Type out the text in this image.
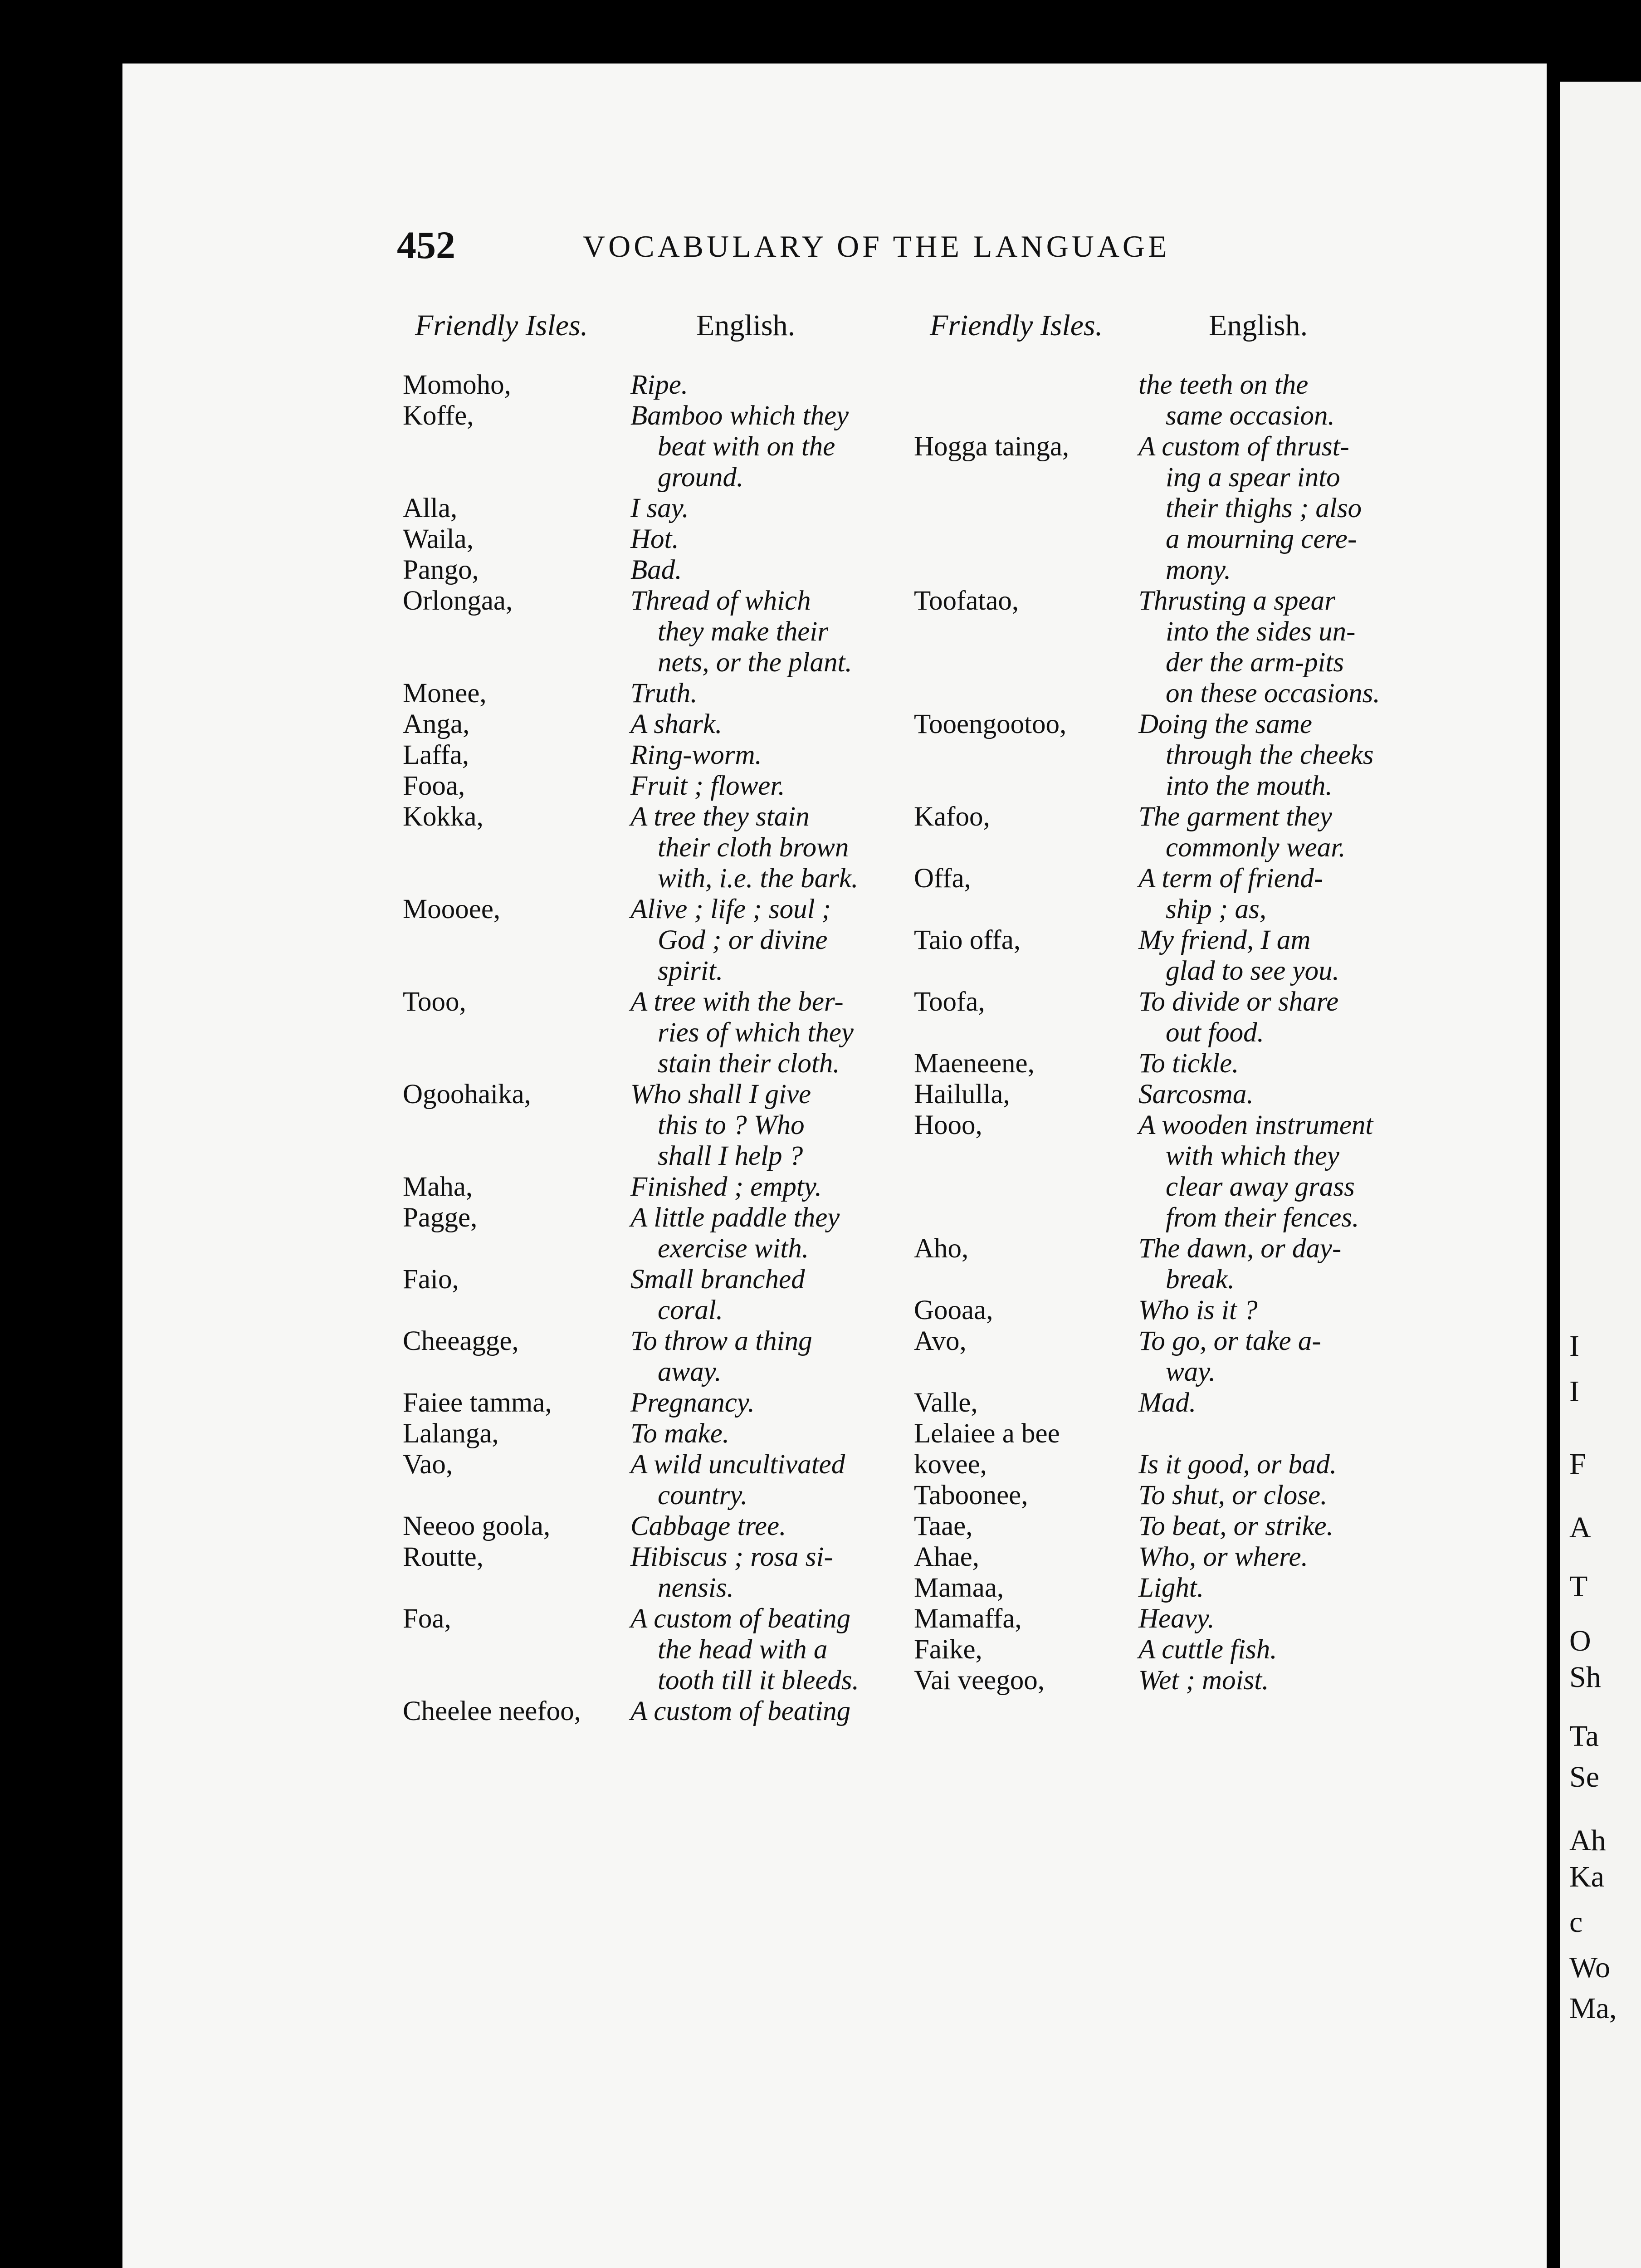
I
I
F
A
T
O
Sh
Ta
Se
Ah
Ka
c
Wo
Ma,
452	VOCABULARY OF THE LANGUAGE
Friendly Isles.	English.	Friendly Isles.	English.
Momoho,	Ripe.
Koffe,	Bamboo which they
beat with on the
ground.
Alla,	I say.
Waila,	Hot.
Pango,	Bad.
Orlongaa,	Thread of which
they make their
nets, or the plant.
Monee,	Truth.
Anga,	A shark.
Laffa,	Ring-worm.
Fooa,	Fruit ; flower.
Kokka,	A tree they stain
their cloth brown
with, i.e. the bark.
Moooee,	Alive ; life ; soul ;
God ; or divine
spirit.
Tooo,	A tree with the ber-
ries of which they
stain their cloth.
Ogoohaika,	Who shall I give
this to ? Who
shall I help ?
Maha,	Finished ; empty.
Pagge,	A little paddle they
exercise with.
Faio,	Small branched
coral.
Cheeagge,	To throw a thing
away.
Faiee tamma,	Pregnancy.
Lalanga,	To make.
Vao,	A wild uncultivated
country.
Neeoo goola,	Cabbage tree.
Routte,	Hibiscus ; rosa si-
nensis.
Foa,	A custom of beating
the head with a
tooth till it bleeds.
Cheelee neefoo, A custom of beating
the teeth on the
same occasion.
Hogga tainga,	A custom of thrust-
ing a spear into
their thighs ; also
a mourning cere-
mony.
Toofatao,	Thrusting a spear
into the sides un-
der the arm-pits
on these occasions.
Tooengootoo,	Doing the same
through the cheeks
into the mouth.
Kafoo,	The garment they
commonly wear.
Offa,	A term of friend-
ship ; as,
Taio offa,	My friend, I am
glad to see you.
Toofa,	To divide or share
out food.
Maeneene,	To tickle.
Hailulla,	Sarcosma.
Hooo,	A wooden instrument
with which they
clear away grass
from their fences.
Aho,	The dawn, or day-
break.
Gooaa,	Who is it ?
Avo,	To go, or take a-
way.
Valle,	Mad.
Lelaiee a bee
kovee,	Is it good, or bad.
Taboonee,	To shut, or close.
Taae,	To beat, or strike.
Ahae,	Who, or where.
Mamaa,	Light.
Mamaffa,	Heavy.
Faike,	A cuttle fish.
Vai veegoo,	Wet ; moist.
